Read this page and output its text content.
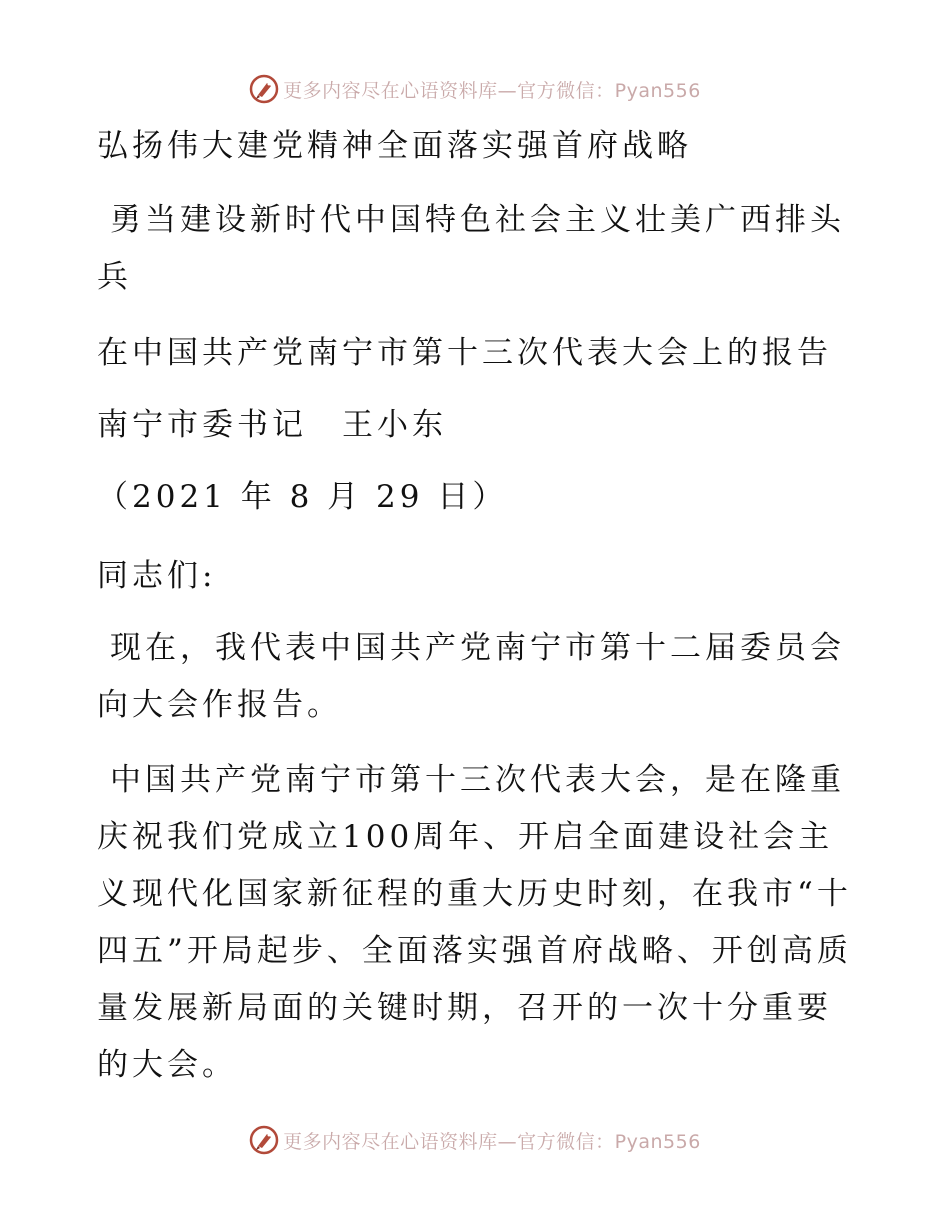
更多内容尽在心语资料库—官方微信：Pyan556
弘扬伟大建党精神全面落实强首府战略
勇当建设新时代中国特色社会主义壮美广西排头兵
在中国共产党南宁市第十三次代表大会上的报告
南宁市委书记　王小东
（2021 年 8 月 29 日）
同志们:
现在，我代表中国共产党南宁市第十二届委员会向大会作报告。
中国共产党南宁市第十三次代表大会，是在隆重庆祝我们党成立100周年、开启全面建设社会主义现代化国家新征程的重大历史时刻，在我市“十四五”开局起步、全面落实强首府战略、开创高质量发展新局面的关键时期，召开的一次十分重要的大会。
更多内容尽在心语资料库—官方微信：Pyan556
